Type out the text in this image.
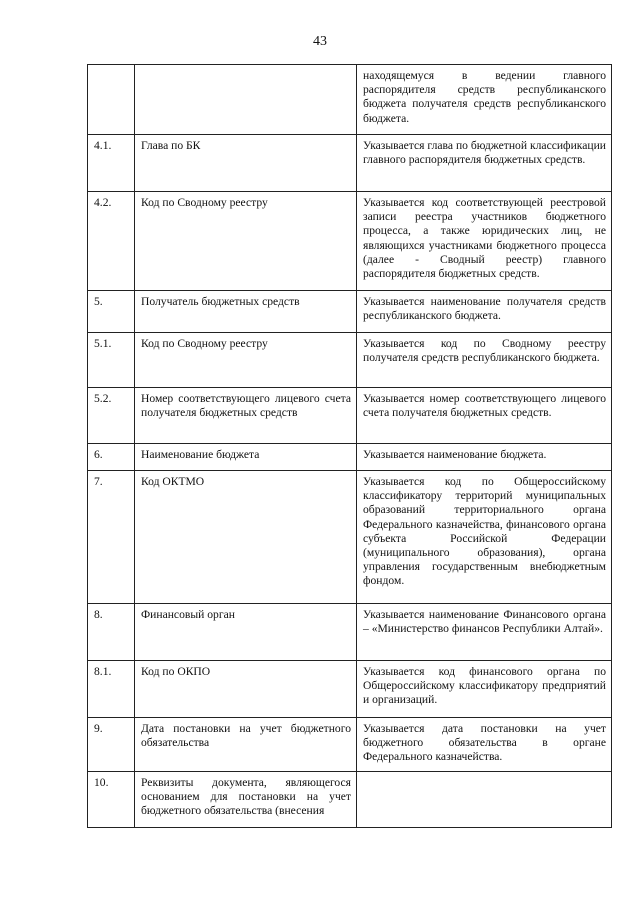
43
		находящемуся в ведении главного распорядителя средств республиканского бюджета получателя средств республиканского бюджета.
4.1.	Глава по БК	Указывается глава по бюджетной классификации главного распорядителя бюджетных средств.
4.2.	Код по Сводному реестру	Указывается код соответствующей реестровой записи реестра участников бюджетного процесса, а также юридических лиц, не являющихся участниками бюджетного процесса (далее - Сводный реестр) главного распорядителя бюджетных средств.
5.	Получатель бюджетных средств	Указывается наименование получателя средств республиканского бюджета.
5.1.	Код по Сводному реестру	Указывается код по Сводному реестру получателя средств республиканского бюджета.
5.2.	Номер соответствующего лицевого счета получателя бюджетных средств	Указывается номер соответствующего лицевого счета получателя бюджетных средств.
6.	Наименование бюджета	Указывается наименование бюджета.
7.	Код ОКТМО	Указывается код по Общероссийскому классификатору территорий муниципальных образований территориального органа Федерального казначейства, финансового органа субъекта Российской Федерации (муниципального образования), органа управления государственным внебюджетным фондом.
8.	Финансовый орган	Указывается наименование Финансового органа – «Министерство финансов Республики Алтай».
8.1.	Код по ОКПО	Указывается код финансового органа по Общероссийскому классификатору предприятий и организаций.
9.	Дата постановки на учет бюджетного обязательства	Указывается дата постановки на учет бюджетного обязательства в органе Федерального казначейства.
10.	Реквизиты документа, являющегося основанием для постановки на учет бюджетного обязательства (внесения	
